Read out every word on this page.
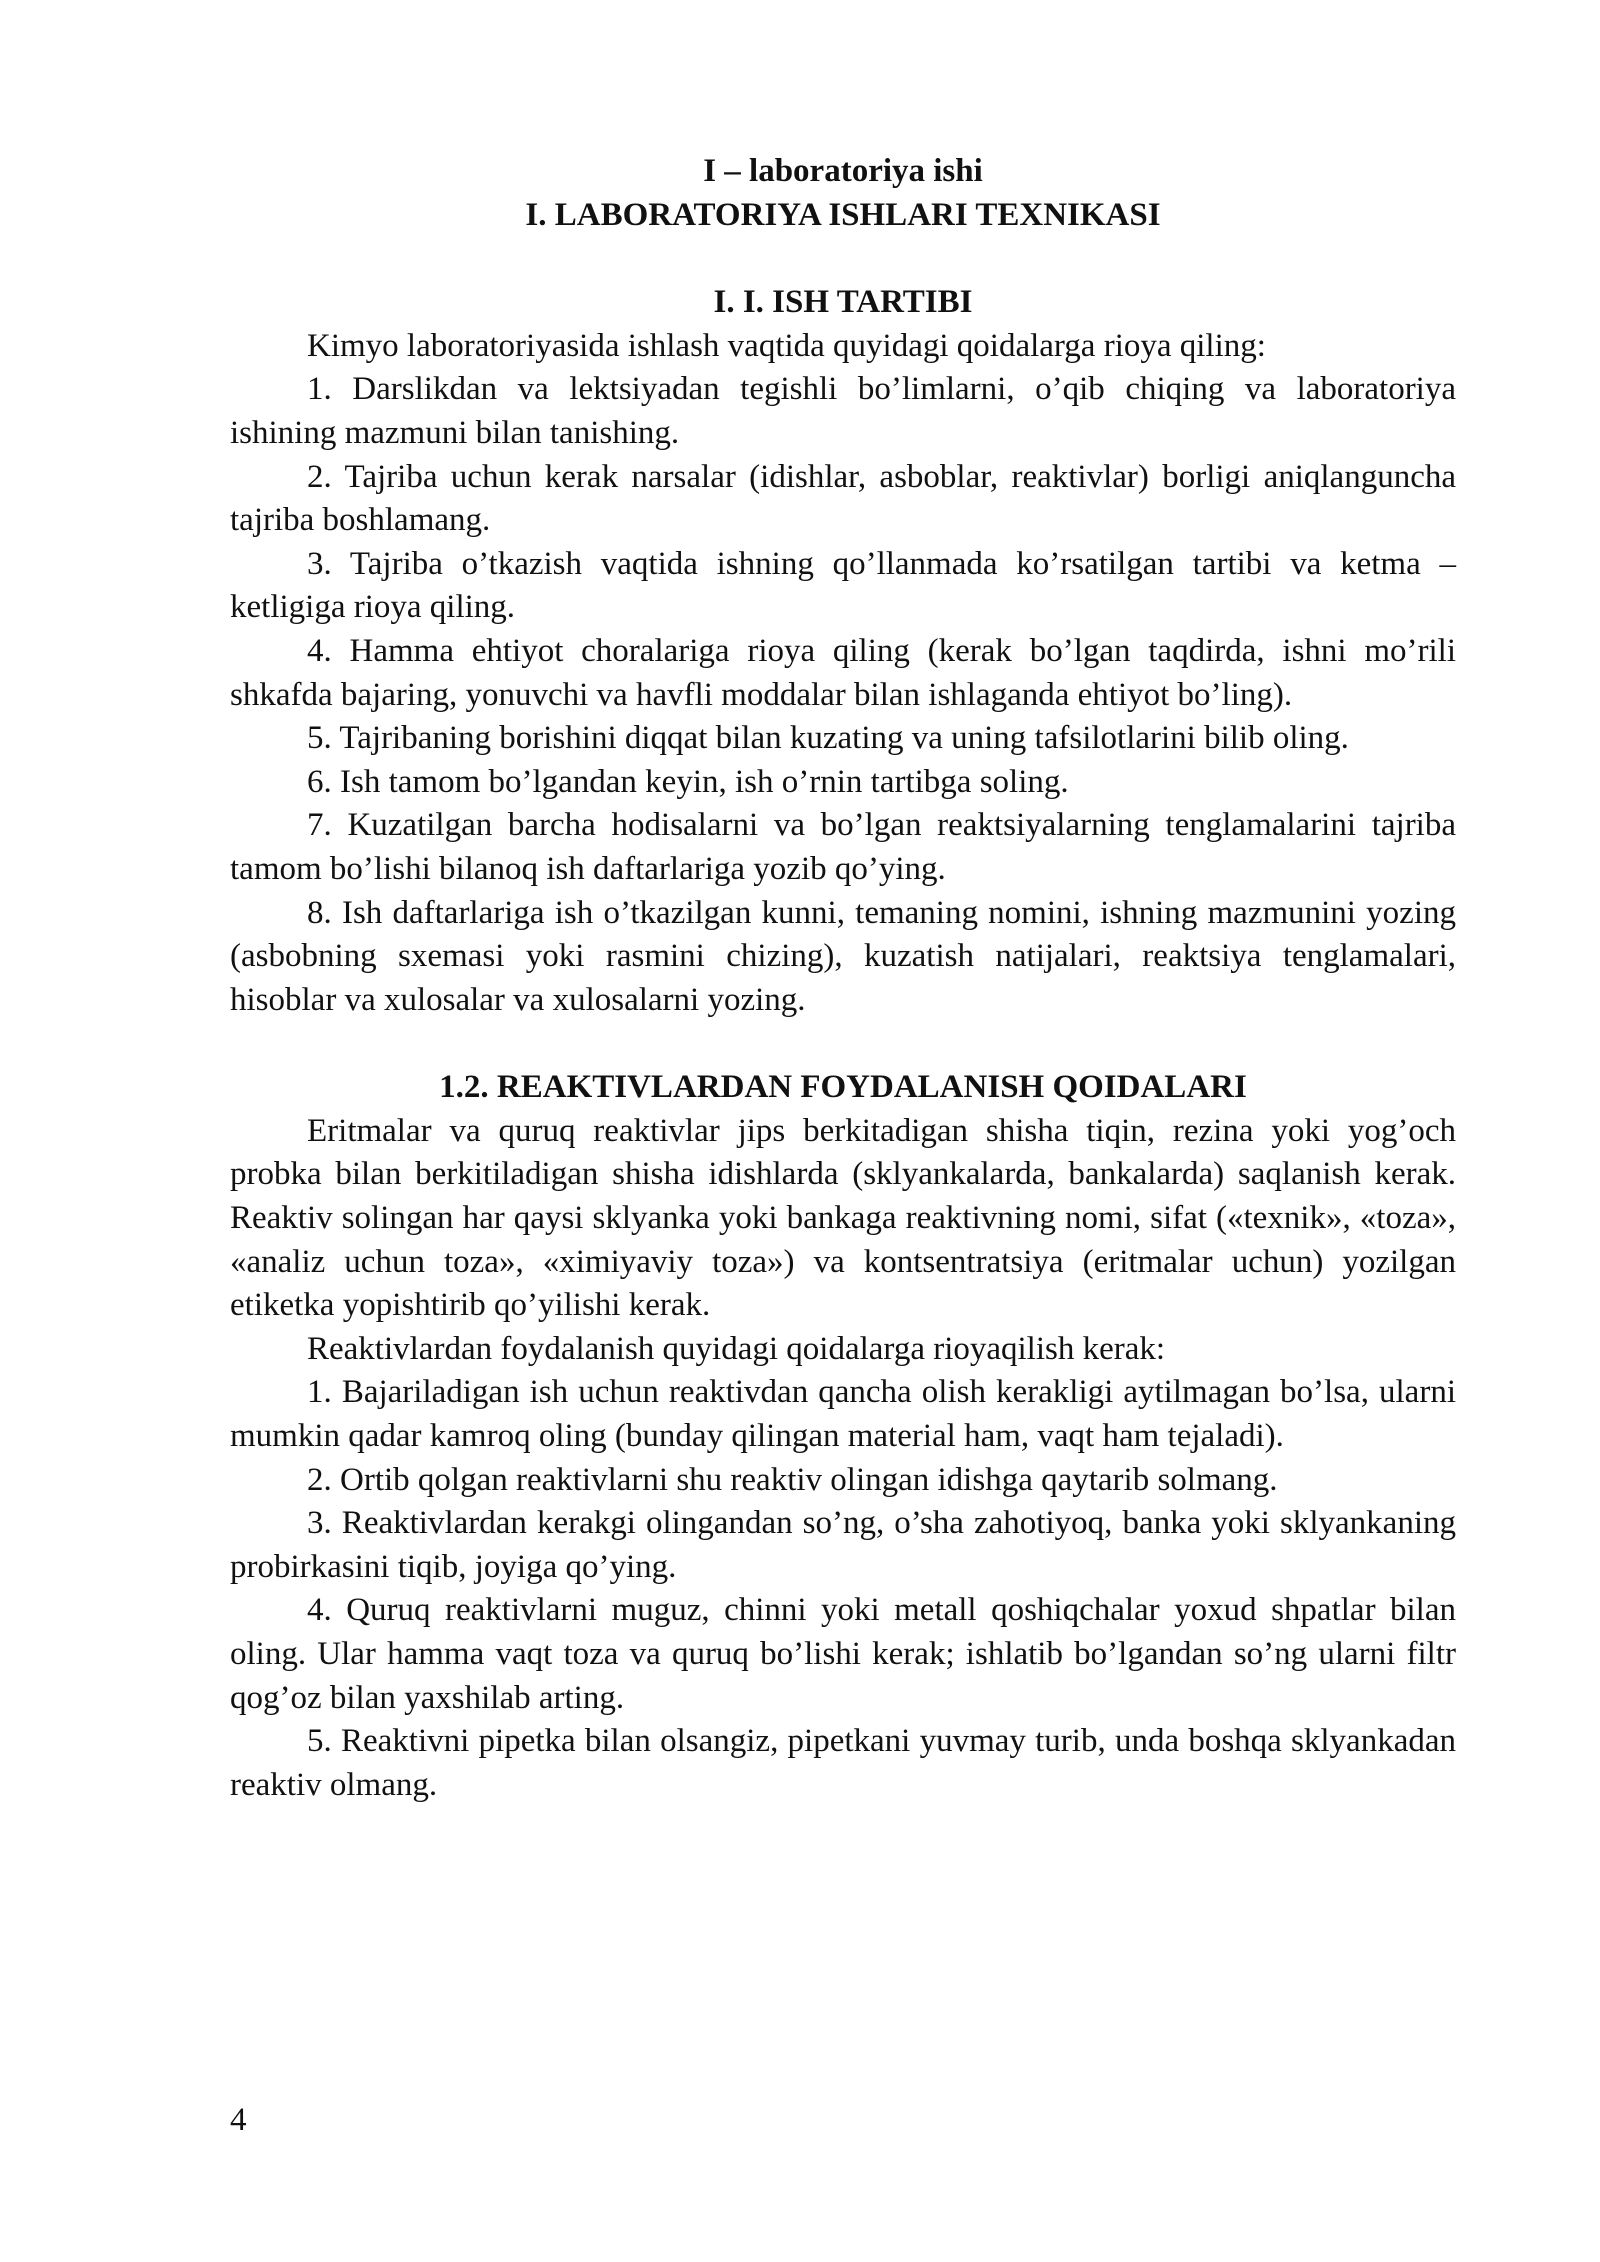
I – laboratoriya ishi
I. LABORATORIYA ISHLARI TEXNIKASI
I. I. ISH TARTIBI

Kimyo laboratoriyasida ishlash vaqtida quyidagi qoidalarga rioya qiling:

1. Darslikdan va lektsiyadan tegishli bo’limlarni, o’qib chiqing va laboratoriya ishining mazmuni bilan tanishing.

2. Tajriba uchun kerak narsalar (idishlar, asboblar, reaktivlar) borligi aniqlanguncha tajriba boshlamang.

3. Tajriba o’tkazish vaqtida ishning qo’llanmada ko’rsatilgan tartibi va ketma – ketligiga rioya qiling.

4. Hamma ehtiyot choralariga rioya qiling (kerak bo’lgan taqdirda, ishni mo’rili shkafda bajaring, yonuvchi va havfli moddalar bilan ishlaganda ehtiyot bo’ling).

5. Tajribaning borishini diqqat bilan kuzating va uning tafsilotlarini bilib oling.

6. Ish tamom bo’lgandan keyin, ish o’rnin tartibga soling.

7. Kuzatilgan barcha hodisalarni va bo’lgan reaktsiyalarning tenglamalarini tajriba tamom bo’lishi bilanoq ish daftarlariga yozib qo’ying.

8. Ish daftarlariga ish o’tkazilgan kunni, temaning nomini, ishning mazmunini yozing (asbobning sxemasi yoki rasmini chizing), kuzatish natijalari, reaktsiya tenglamalari, hisoblar va xulosalar va xulosalarni yozing.

1.2. REAKTIVLARDAN FOYDALANISH QOIDALARI

Eritmalar va quruq reaktivlar jips berkitadigan shisha tiqin, rezina yoki yog’och probka bilan berkitiladigan shisha idishlarda (sklyankalarda, bankalarda) saqlanish kerak. Reaktiv solingan har qaysi sklyanka yoki bankaga reaktivning nomi, sifat («texnik», «toza», «analiz uchun toza», «ximiyaviy toza») va kontsentratsiya (eritmalar uchun) yozilgan etiketka yopishtirib qo’yilishi kerak.

Reaktivlardan foydalanish quyidagi qoidalarga rioyaqilish kerak:

1. Bajariladigan ish uchun reaktivdan qancha olish kerakligi aytilmagan bo’lsa, ularni mumkin qadar kamroq oling (bunday qilingan material ham, vaqt ham tejaladi).

2. Ortib qolgan reaktivlarni shu reaktiv olingan idishga qaytarib solmang.

3. Reaktivlardan kerakgi olingandan so’ng, o’sha zahotiyoq, banka yoki sklyankaning probirkasini tiqib, joyiga qo’ying.

4. Quruq reaktivlarni muguz, chinni yoki metall qoshiqchalar yoxud shpatlar bilan oling. Ular hamma vaqt toza va quruq bo’lishi kerak; ishlatib bo’lgandan so’ng ularni filtr qog’oz bilan yaxshilab arting.

5. Reaktivni pipetka bilan olsangiz, pipetkani yuvmay turib, unda boshqa sklyankadan reaktiv olmang.

4
